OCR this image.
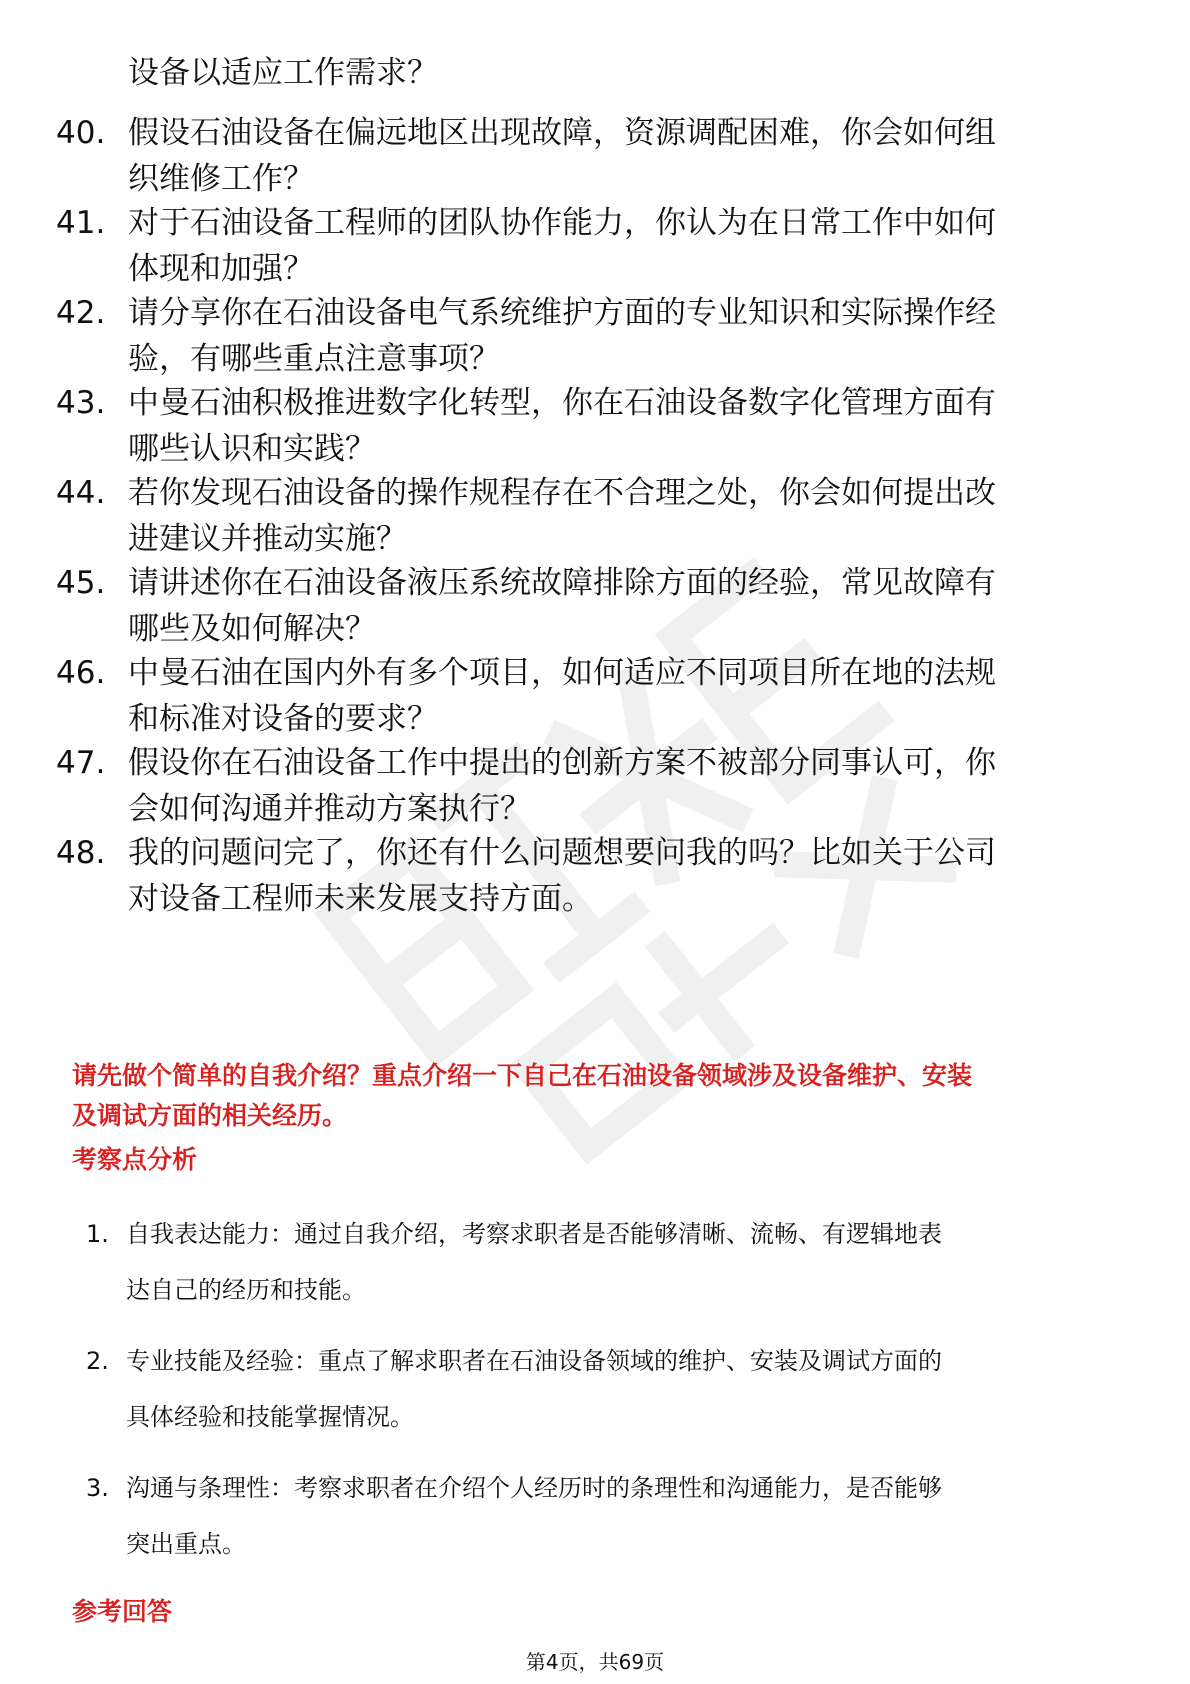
设备以适应工作需求？
40. 假设石油设备在偏远地区出现故障，资源调配困难，你会如何组
织维修工作？
41. 对于石油设备工程师的团队协作能力，你认为在日常工作中如何
体现和加强？
42. 请分享你在石油设备电气系统维护方面的专业知识和实际操作经
验，有哪些重点注意事项？
43. 中曼石油积极推进数字化转型，你在石油设备数字化管理方面有
哪些认识和实践？
44. 若你发现石油设备的操作规程存在不合理之处，你会如何提出改
进建议并推动实施？
45. 请讲述你在石油设备液压系统故障排除方面的经验，常见故障有
哪些及如何解决？
46. 中曼石油在国内外有多个项目，如何适应不同项目所在地的法规
和标准对设备的要求？
47. 假设你在石油设备工作中提出的创新方案不被部分同事认可，你
会如何沟通并推动方案执行？
48. 我的问题问完了，你还有什么问题想要问我的吗？比如关于公司
对设备工程师未来发展支持方面。
请先做个简单的自我介绍？重点介绍一下自己在石油设备领域涉及设备维护、安装
及调试方面的相关经历。
考察点分析
1. 自我表达能力：通过自我介绍，考察求职者是否能够清晰、流畅、有逻辑地表
达自己的经历和技能。
2. 专业技能及经验：重点了解求职者在石油设备领域的维护、安装及调试方面的
具体经验和技能掌握情况。
3. 沟通与条理性：考察求职者在介绍个人经历时的条理性和沟通能力，是否能够
突出重点。
参考回答
第4页，共69页
